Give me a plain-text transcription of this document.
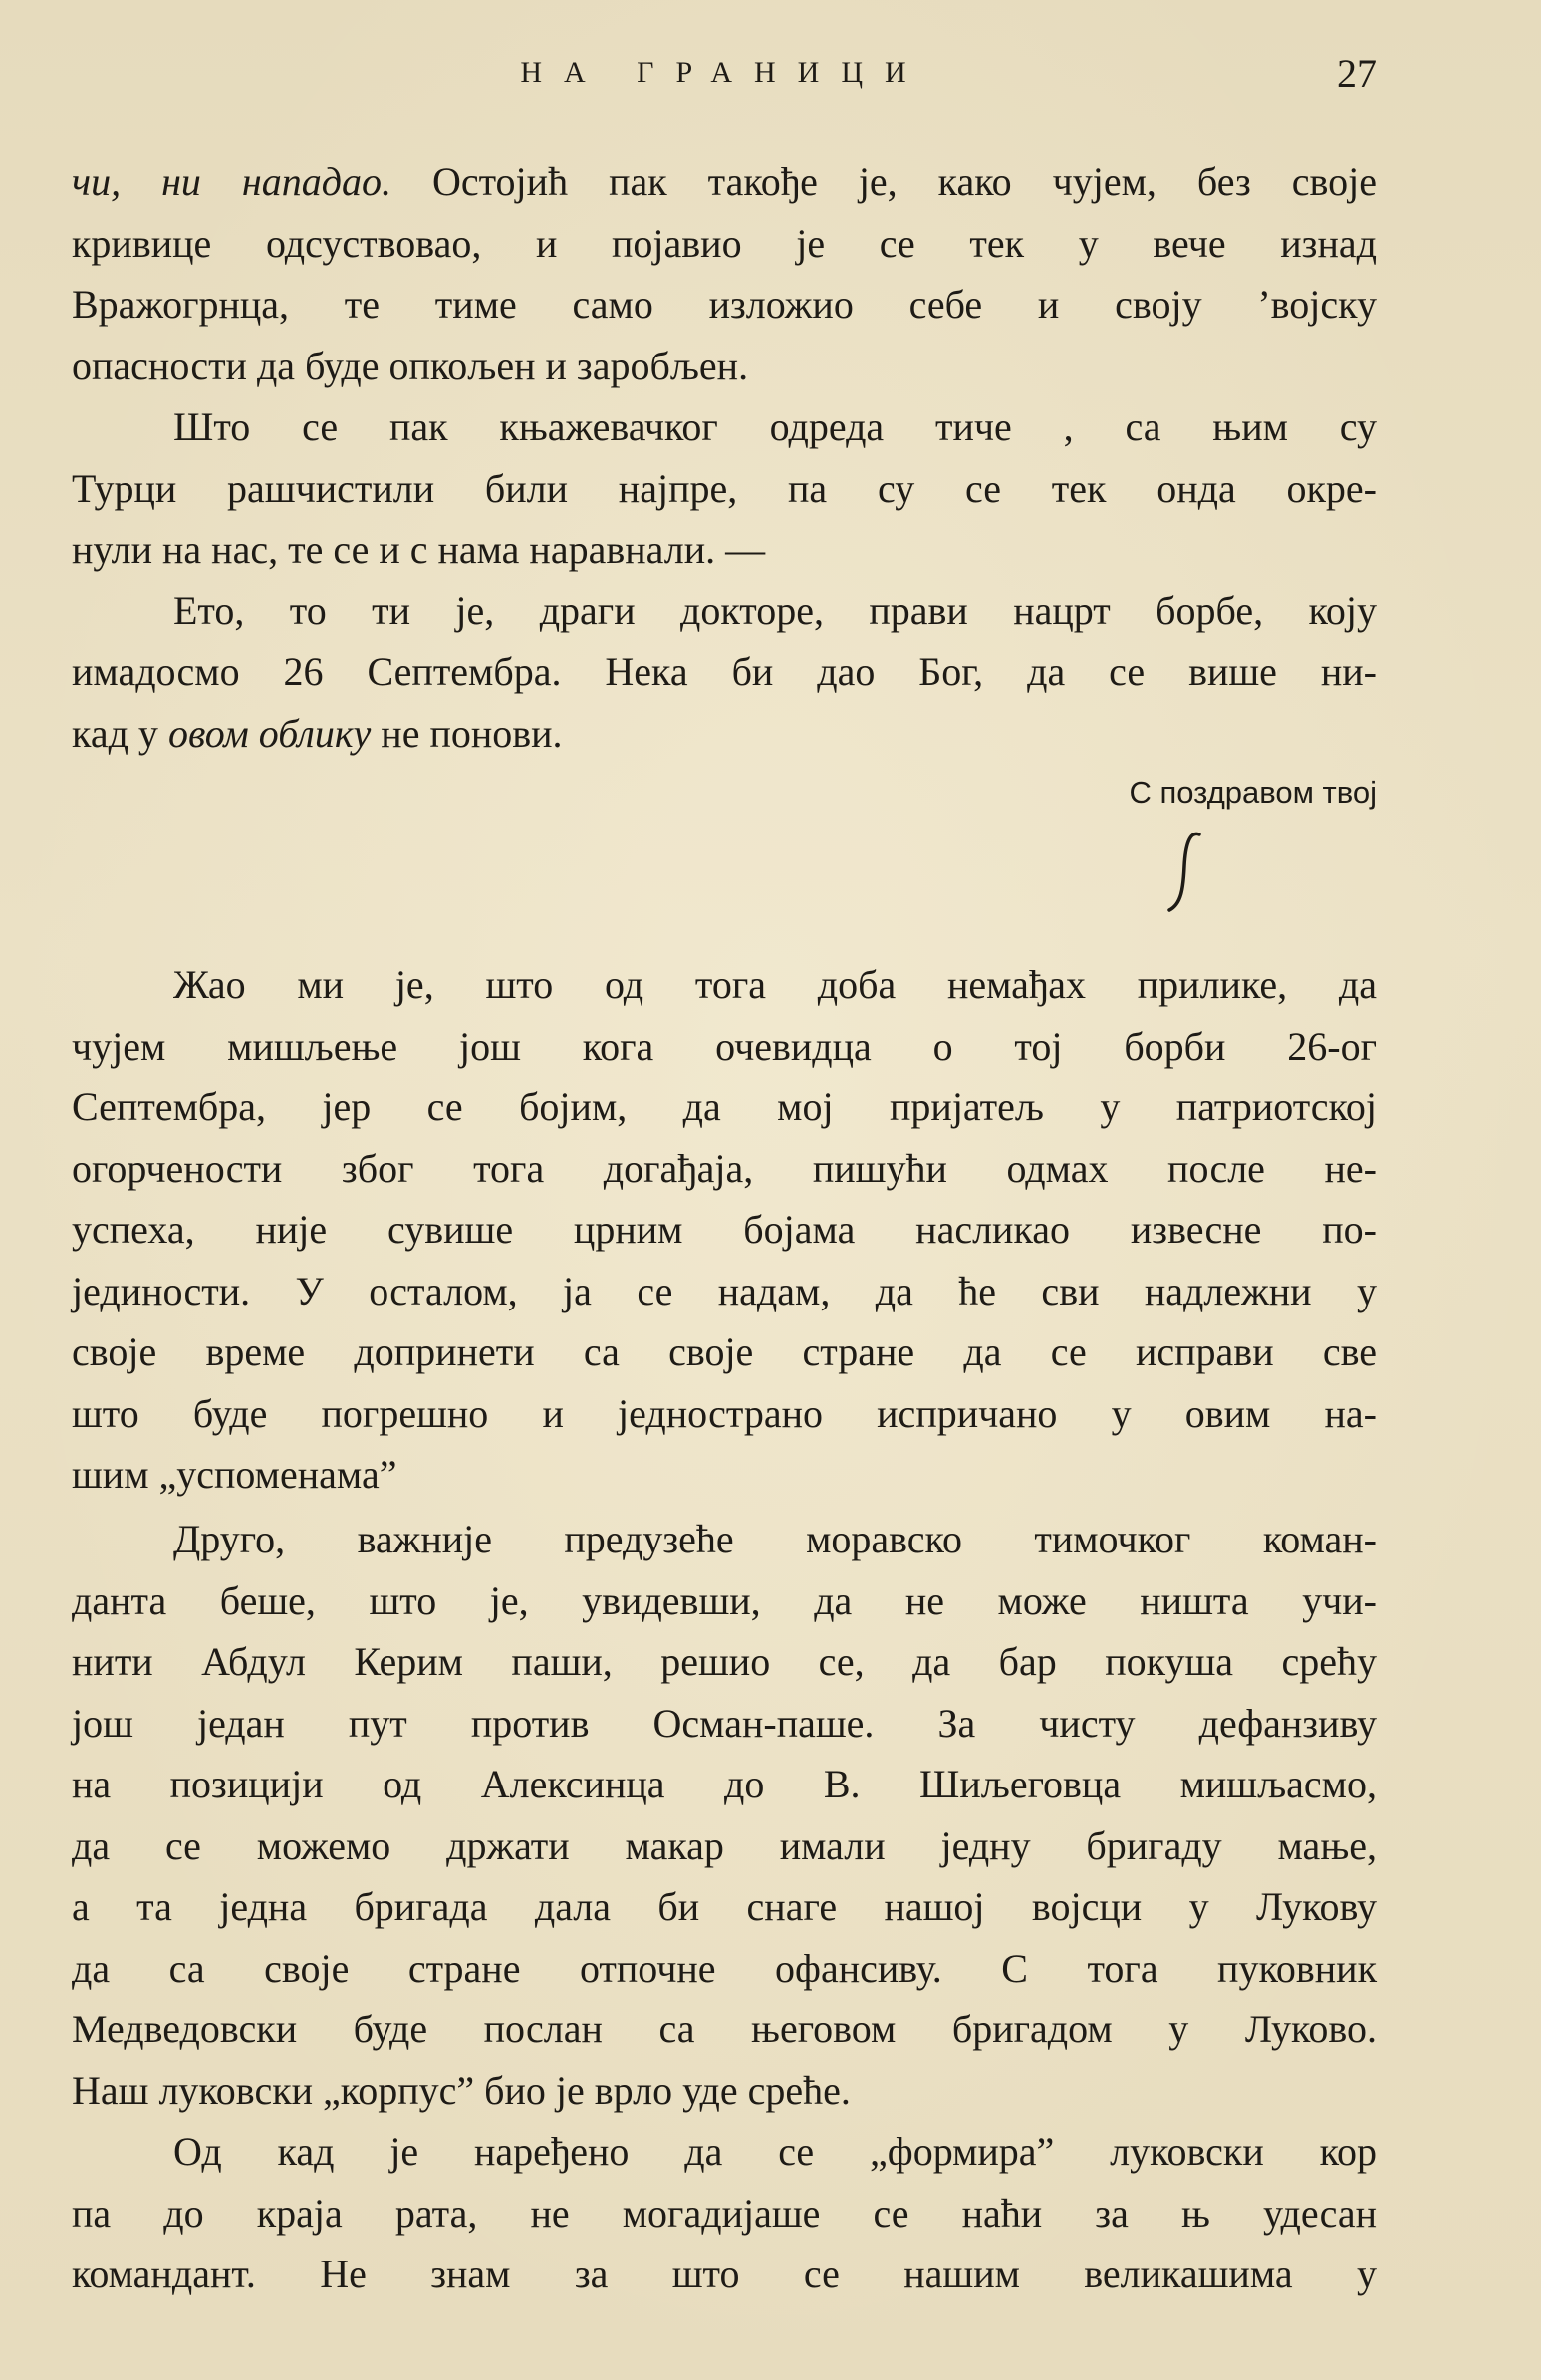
НА ГРАНИЦИ	27
чи, ни нападао. Остојић пак такође је, како чујем, без своје
кривице одсуствовао, и појавио је се тек у вече изнад
Вражогрнца, те тиме само изложио себе и своју ’војску
опасности да буде опкољен и заробљен.
Што се пак књажевачког одреда тиче , са њим су
Турци рашчистили били најпре, па су се тек онда окре-
нули на нас, те се и с нама наравнали. —
Ето, то ти је, драги докторе, прави нацрт борбе, коју
имадосмо 26 Септембра. Нека би дао Бог, да се више ни-
кад у овом облику не понови.
С поздравом твој
Жао ми је, што од тога доба немађах прилике, да
чујем мишљење још кога очевидца о тој борби 26-ог
Септембра, јер се бојим, да мој пријатељ у патриотској
огорчености због тога догађаја, пишући одмах после не-
успеха, није сувише црним бојама насликао извесне по-
јединости. У осталом, ја се надам, да ће сви надлежни у
своје време допринети са своје стране да се исправи све
што буде погрешно и једнострано испричано у овим на-
шим „успоменама”
Друго, важније предузеће моравско тимочког коман-
данта беше, што је, увидевши, да не може ништа учи-
нити Абдул Керим паши, решио се, да бар покуша срећу
још један пут против Осман-паше. За чисту дефанзиву
на позицији од Алексинца до В. Шиљеговца мишљасмо,
да се можемо држати макар имали једну бригаду мање,
а та једна бригада дала би снаге нашој војсци у Лукову
да са своје стране отпочне офансиву. С тога пуковник
Медведовски буде послан са његовом бригадом у Луково.
Наш луковски „корпус” био је врло уде среће.
Од кад је наређено да се „формира” луковски кор
па до краја рата, не могадијаше се наћи за њ удесан
командант. Не знам за што се нашим великашима у
